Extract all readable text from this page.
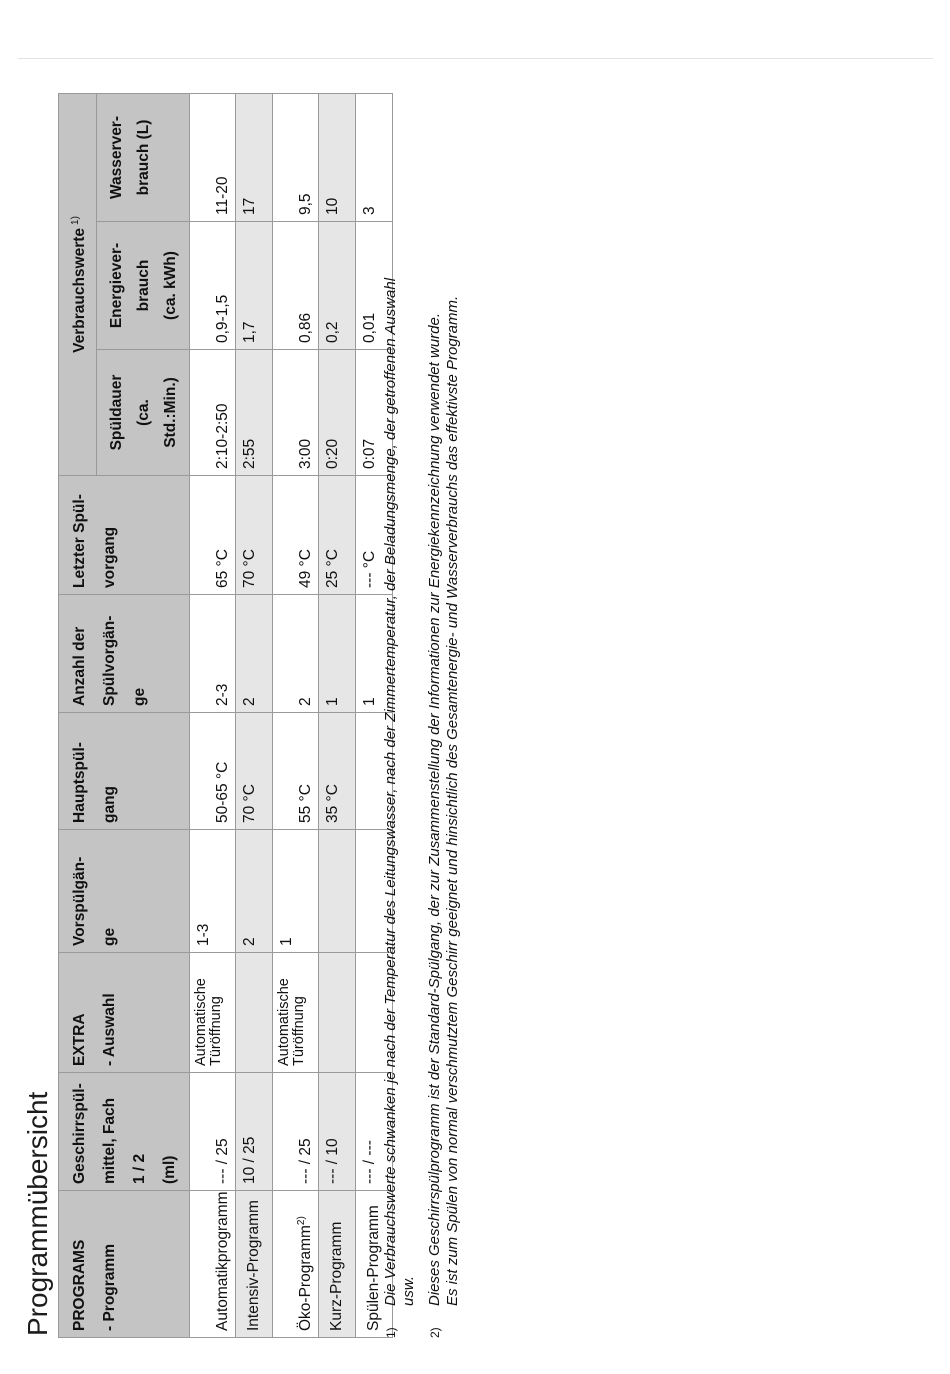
Programmübersicht	PROGRAMS - Programm	Geschirrspül- mittel, Fach 1 / 2 (ml)	EXTRA - Auswahl	Vorspülgän- ge	Hauptspül- gang	Anzahl der Spülvorgän- ge	Letzter Spül- vorgang	Verbrauchswerte$^{1)}$

							Spüldauer (ca. Std.:Min.)	Energiever- brauch (ca. kWh)	Wasserver- brauch (L)

Automatikprogramm	--- / 25	Automatische Türöffnung	1-3	50-65 °C	2-3	65 °C	2:10-2:50	0,9-1,5	11-20
Intensiv-Programm	10 / 25		2	70 °C	2	70 °C	2:55	1,7	17
Öko-Programm$^{2)}$	--- / 25	Automatische Türöffnung	1	55 °C	2	49 °C	3:00	0,86	9,5
Kurz-Programm	--- / 10			35 °C	1	25 °C	0:20	0,2	10
Spülen-Programm	--- / ---				1	--- °C	0:07	0,01	3
1)
Die Verbrauchswerte schwanken je nach der Temperatur des Leitungswasser, nach der Zimmertemperatur, der Beladungsmenge, der getroffenen Auswahl usw.
2)
Dieses Geschirrspülprogramm ist der Standard-Spülgang, der zur Zusammenstellung der Informationen zur Energiekennzeichnung verwendet wurde. Es ist zum Spülen von normal verschmutztem Geschirr geeignet und hinsichtlich des Gesamtenergie- und Wasserverbrauchs das effektivste Programm.
